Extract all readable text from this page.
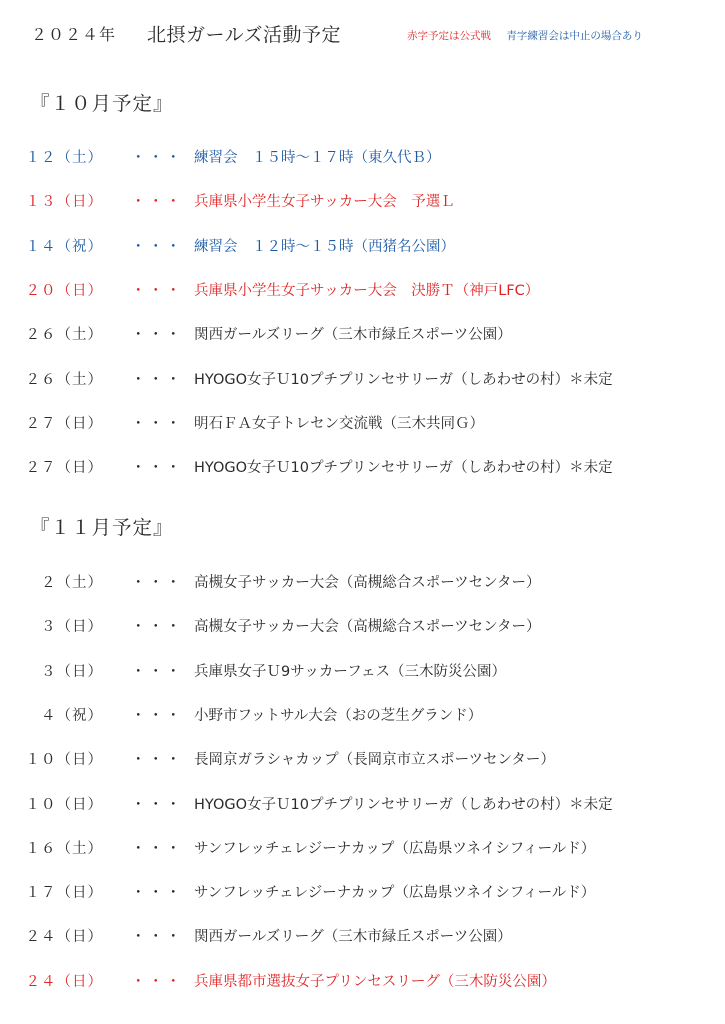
２０２４年 北摂ガールズ活動予定	赤字予定は公式戦 青字練習会は中止の場合あり
『１０月予定』
１２（土） ・・・ 練習会　１５時～１７時（東久代Ｂ）
１３（日） ・・・ 兵庫県小学生女子サッカー大会　予選Ｌ
１４（祝） ・・・ 練習会　１２時～１５時（西猪名公園）
２０（日） ・・・ 兵庫県小学生女子サッカー大会　決勝Ｔ（神戸LFC）
２６（土） ・・・ 関西ガールズリーグ（三木市緑丘スポーツ公園）
２６（土） ・・・ HYOGO女子Ｕ10プチプリンセサリーガ（しあわせの村）＊未定
２７（日） ・・・ 明石ＦＡ女子トレセン交流戦（三木共同Ｇ）
２７（日） ・・・ HYOGO女子Ｕ10プチプリンセサリーガ（しあわせの村）＊未定
『１１月予定』
２（土） ・・・ 高槻女子サッカー大会（高槻総合スポーツセンター）
３（日） ・・・ 高槻女子サッカー大会（高槻総合スポーツセンター）
３（日） ・・・ 兵庫県女子Ｕ9サッカーフェス（三木防災公園）
４（祝） ・・・ 小野市フットサル大会（おの芝生グランド）
１０（日） ・・・ 長岡京ガラシャカップ（長岡京市立スポーツセンター）
１０（日） ・・・ HYOGO女子Ｕ10プチプリンセサリーガ（しあわせの村）＊未定
１６（土） ・・・ サンフレッチェレジーナカップ（広島県ツネイシフィールド）
１７（日） ・・・ サンフレッチェレジーナカップ（広島県ツネイシフィールド）
２４（日） ・・・ 関西ガールズリーグ（三木市緑丘スポーツ公園）
２４（日） ・・・ 兵庫県都市選抜女子プリンセスリーグ（三木防災公園）
